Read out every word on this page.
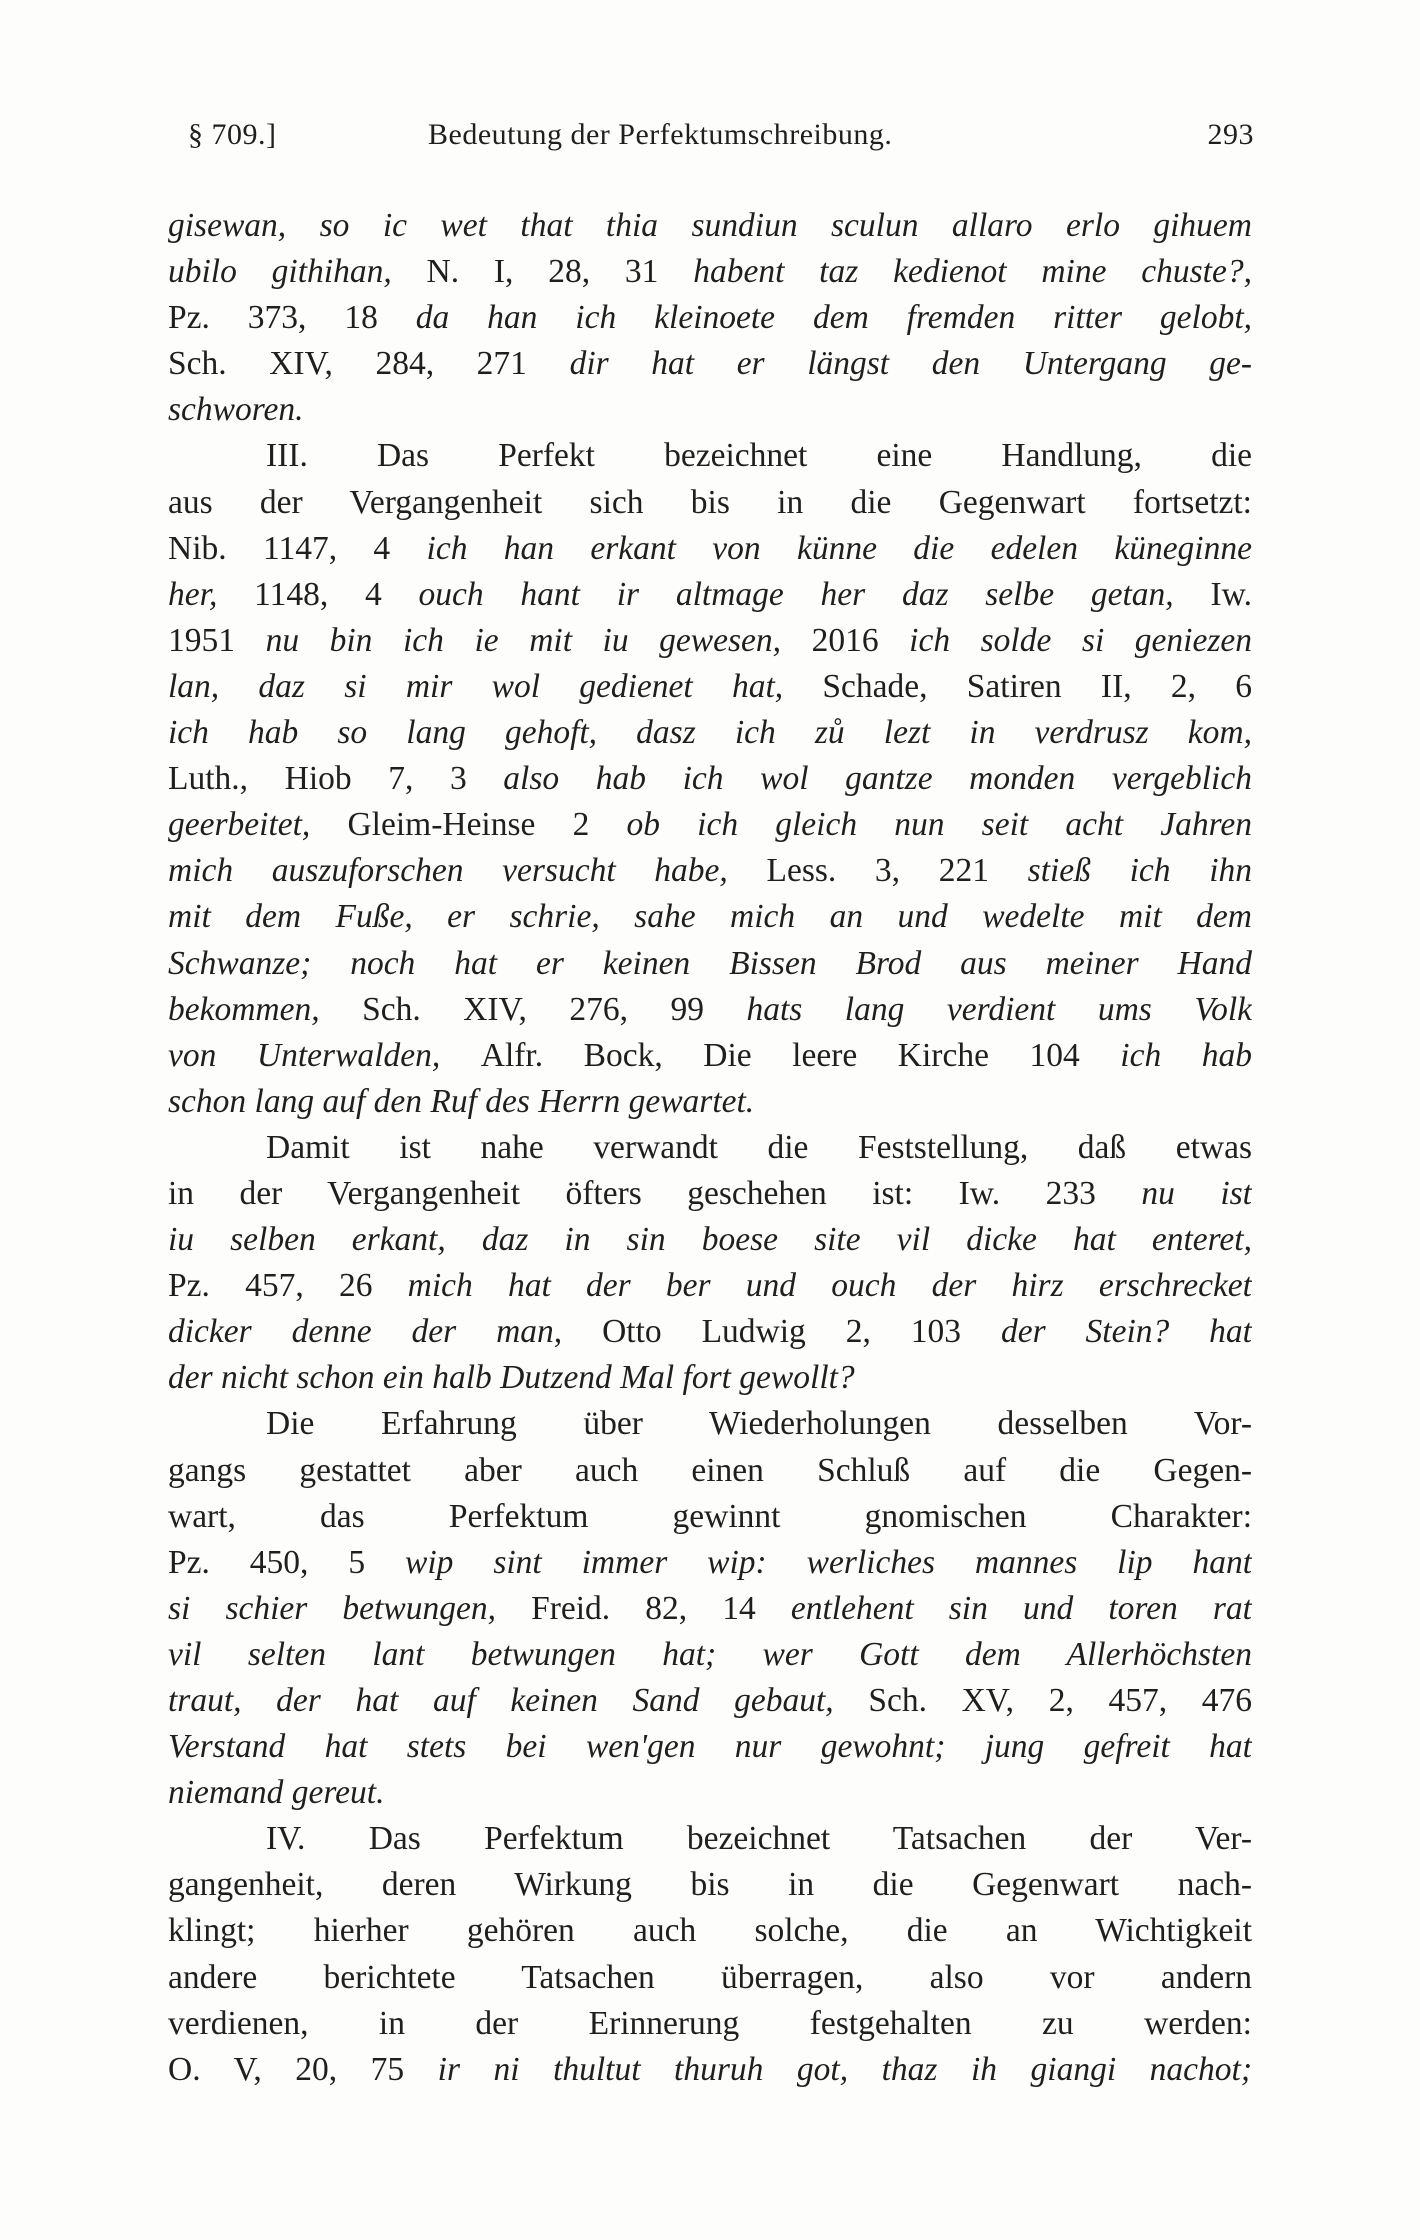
§ 709.]	Bedeutung der Perfektumschreibung.	293
gisewan, so ic wet that thia sundiun sculun allaro erlo gihuem
ubilo githihan, N. I, 28, 31 habent taz kedienot mine chuste?,
Pz. 373, 18 da han ich kleinoete dem fremden ritter gelobt,
Sch. XIV, 284, 271 dir hat er längst den Untergang ge-
schworen.
III. Das Perfekt bezeichnet eine Handlung, die
aus der Vergangenheit sich bis in die Gegenwart fortsetzt:
Nib. 1147, 4 ich han erkant von künne die edelen küneginne
her, 1148, 4 ouch hant ir altmage her daz selbe getan, Iw.
1951 nu bin ich ie mit iu gewesen, 2016 ich solde si geniezen
lan, daz si mir wol gedienet hat, Schade, Satiren II, 2, 6
ich hab so lang gehoft, dasz ich zů lezt in verdrusz kom,
Luth., Hiob 7, 3 also hab ich wol gantze monden vergeblich
geerbeitet, Gleim-Heinse 2 ob ich gleich nun seit acht Jahren
mich auszuforschen versucht habe, Less. 3, 221 stieß ich ihn
mit dem Fuße, er schrie, sahe mich an und wedelte mit dem
Schwanze; noch hat er keinen Bissen Brod aus meiner Hand
bekommen, Sch. XIV, 276, 99 hats lang verdient ums Volk
von Unterwalden, Alfr. Bock, Die leere Kirche 104 ich hab
schon lang auf den Ruf des Herrn gewartet.
Damit ist nahe verwandt die Feststellung, daß etwas
in der Vergangenheit öfters geschehen ist: Iw. 233 nu ist
iu selben erkant, daz in sin boese site vil dicke hat enteret,
Pz. 457, 26 mich hat der ber und ouch der hirz erschrecket
dicker denne der man, Otto Ludwig 2, 103 der Stein? hat
der nicht schon ein halb Dutzend Mal fort gewollt?
Die Erfahrung über Wiederholungen desselben Vor-
gangs gestattet aber auch einen Schluß auf die Gegen-
wart, das Perfektum gewinnt gnomischen Charakter:
Pz. 450, 5 wip sint immer wip: werliches mannes lip hant
si schier betwungen, Freid. 82, 14 entlehent sin und toren rat
vil selten lant betwungen hat; wer Gott dem Allerhöchsten
traut, der hat auf keinen Sand gebaut, Sch. XV, 2, 457, 476
Verstand hat stets bei wen'gen nur gewohnt; jung gefreit hat
niemand gereut.
IV. Das Perfektum bezeichnet Tatsachen der Ver-
gangenheit, deren Wirkung bis in die Gegenwart nach-
klingt; hierher gehören auch solche, die an Wichtigkeit
andere berichtete Tatsachen überragen, also vor andern
verdienen, in der Erinnerung festgehalten zu werden:
O. V, 20, 75 ir ni thultut thuruh got, thaz ih giangi nachot;
